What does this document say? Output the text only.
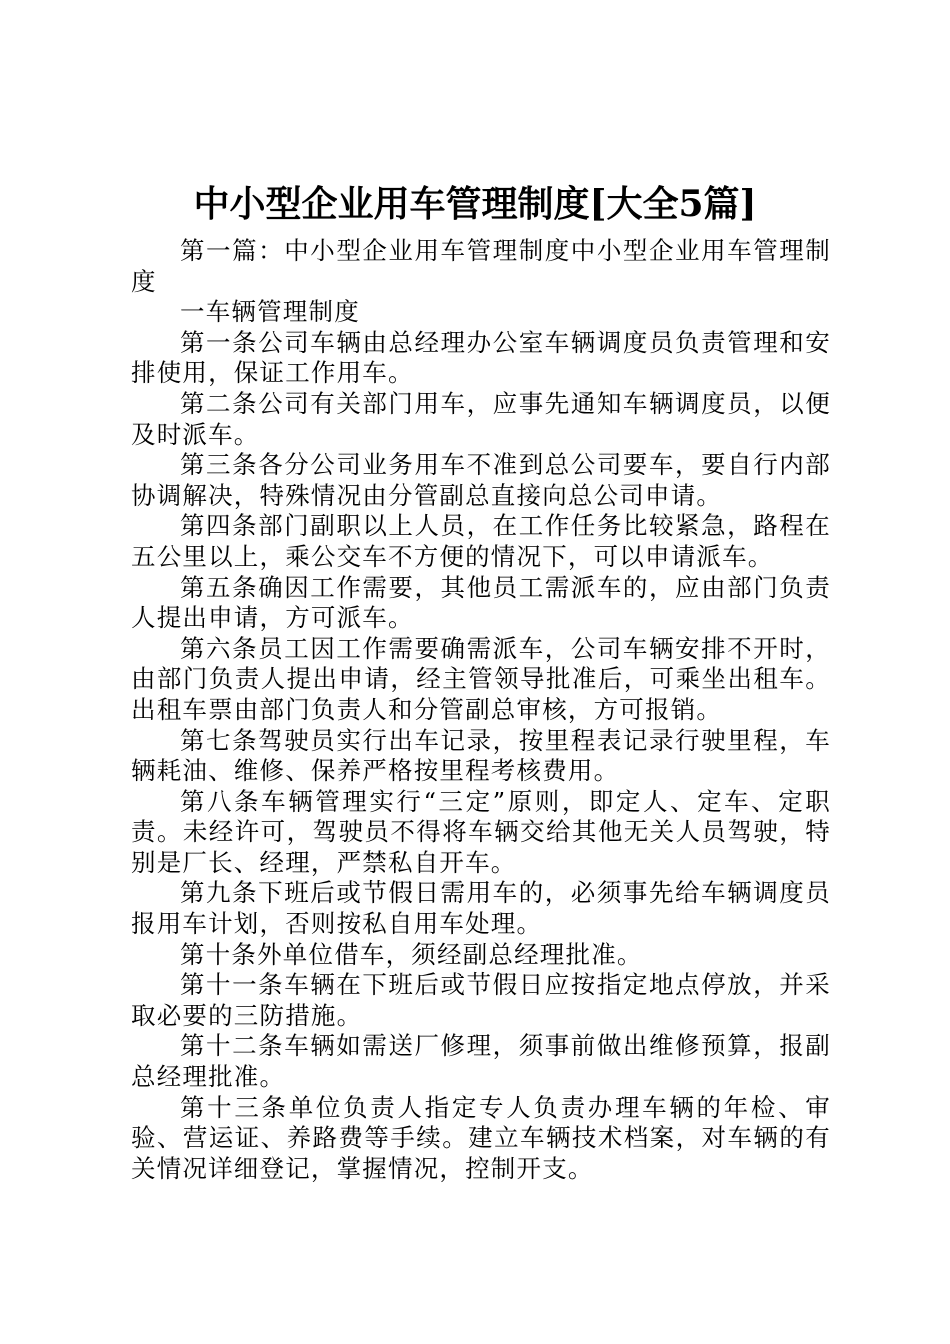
中小型企业用车管理制度[大全5篇]

第一篇：中小型企业用车管理制度中小型企业用车管理制度

一车辆管理制度

第一条公司车辆由总经理办公室车辆调度员负责管理和安排使用，保证工作用车。

第二条公司有关部门用车，应事先通知车辆调度员，以便及时派车。

第三条各分公司业务用车不准到总公司要车，要自行内部协调解决，特殊情况由分管副总直接向总公司申请。

第四条部门副职以上人员，在工作任务比较紧急，路程在五公里以上，乘公交车不方便的情况下，可以申请派车。

第五条确因工作需要，其他员工需派车的，应由部门负责人提出申请，方可派车。

第六条员工因工作需要确需派车，公司车辆安排不开时，由部门负责人提出申请，经主管领导批准后，可乘坐出租车。出租车票由部门负责人和分管副总审核，方可报销。

第七条驾驶员实行出车记录，按里程表记录行驶里程，车辆耗油、维修、保养严格按里程考核费用。

第八条车辆管理实行“三定”原则，即定人、定车、定职责。未经许可，驾驶员不得将车辆交给其他无关人员驾驶，特别是厂长、经理，严禁私自开车。

第九条下班后或节假日需用车的，必须事先给车辆调度员报用车计划，否则按私自用车处理。

第十条外单位借车，须经副总经理批准。

第十一条车辆在下班后或节假日应按指定地点停放，并采取必要的三防措施。

第十二条车辆如需送厂修理，须事前做出维修预算，报副总经理批准。

第十三条单位负责人指定专人负责办理车辆的年检、审验、营运证、养路费等手续。建立车辆技术档案，对车辆的有关情况详细登记，掌握情况，控制开支。
